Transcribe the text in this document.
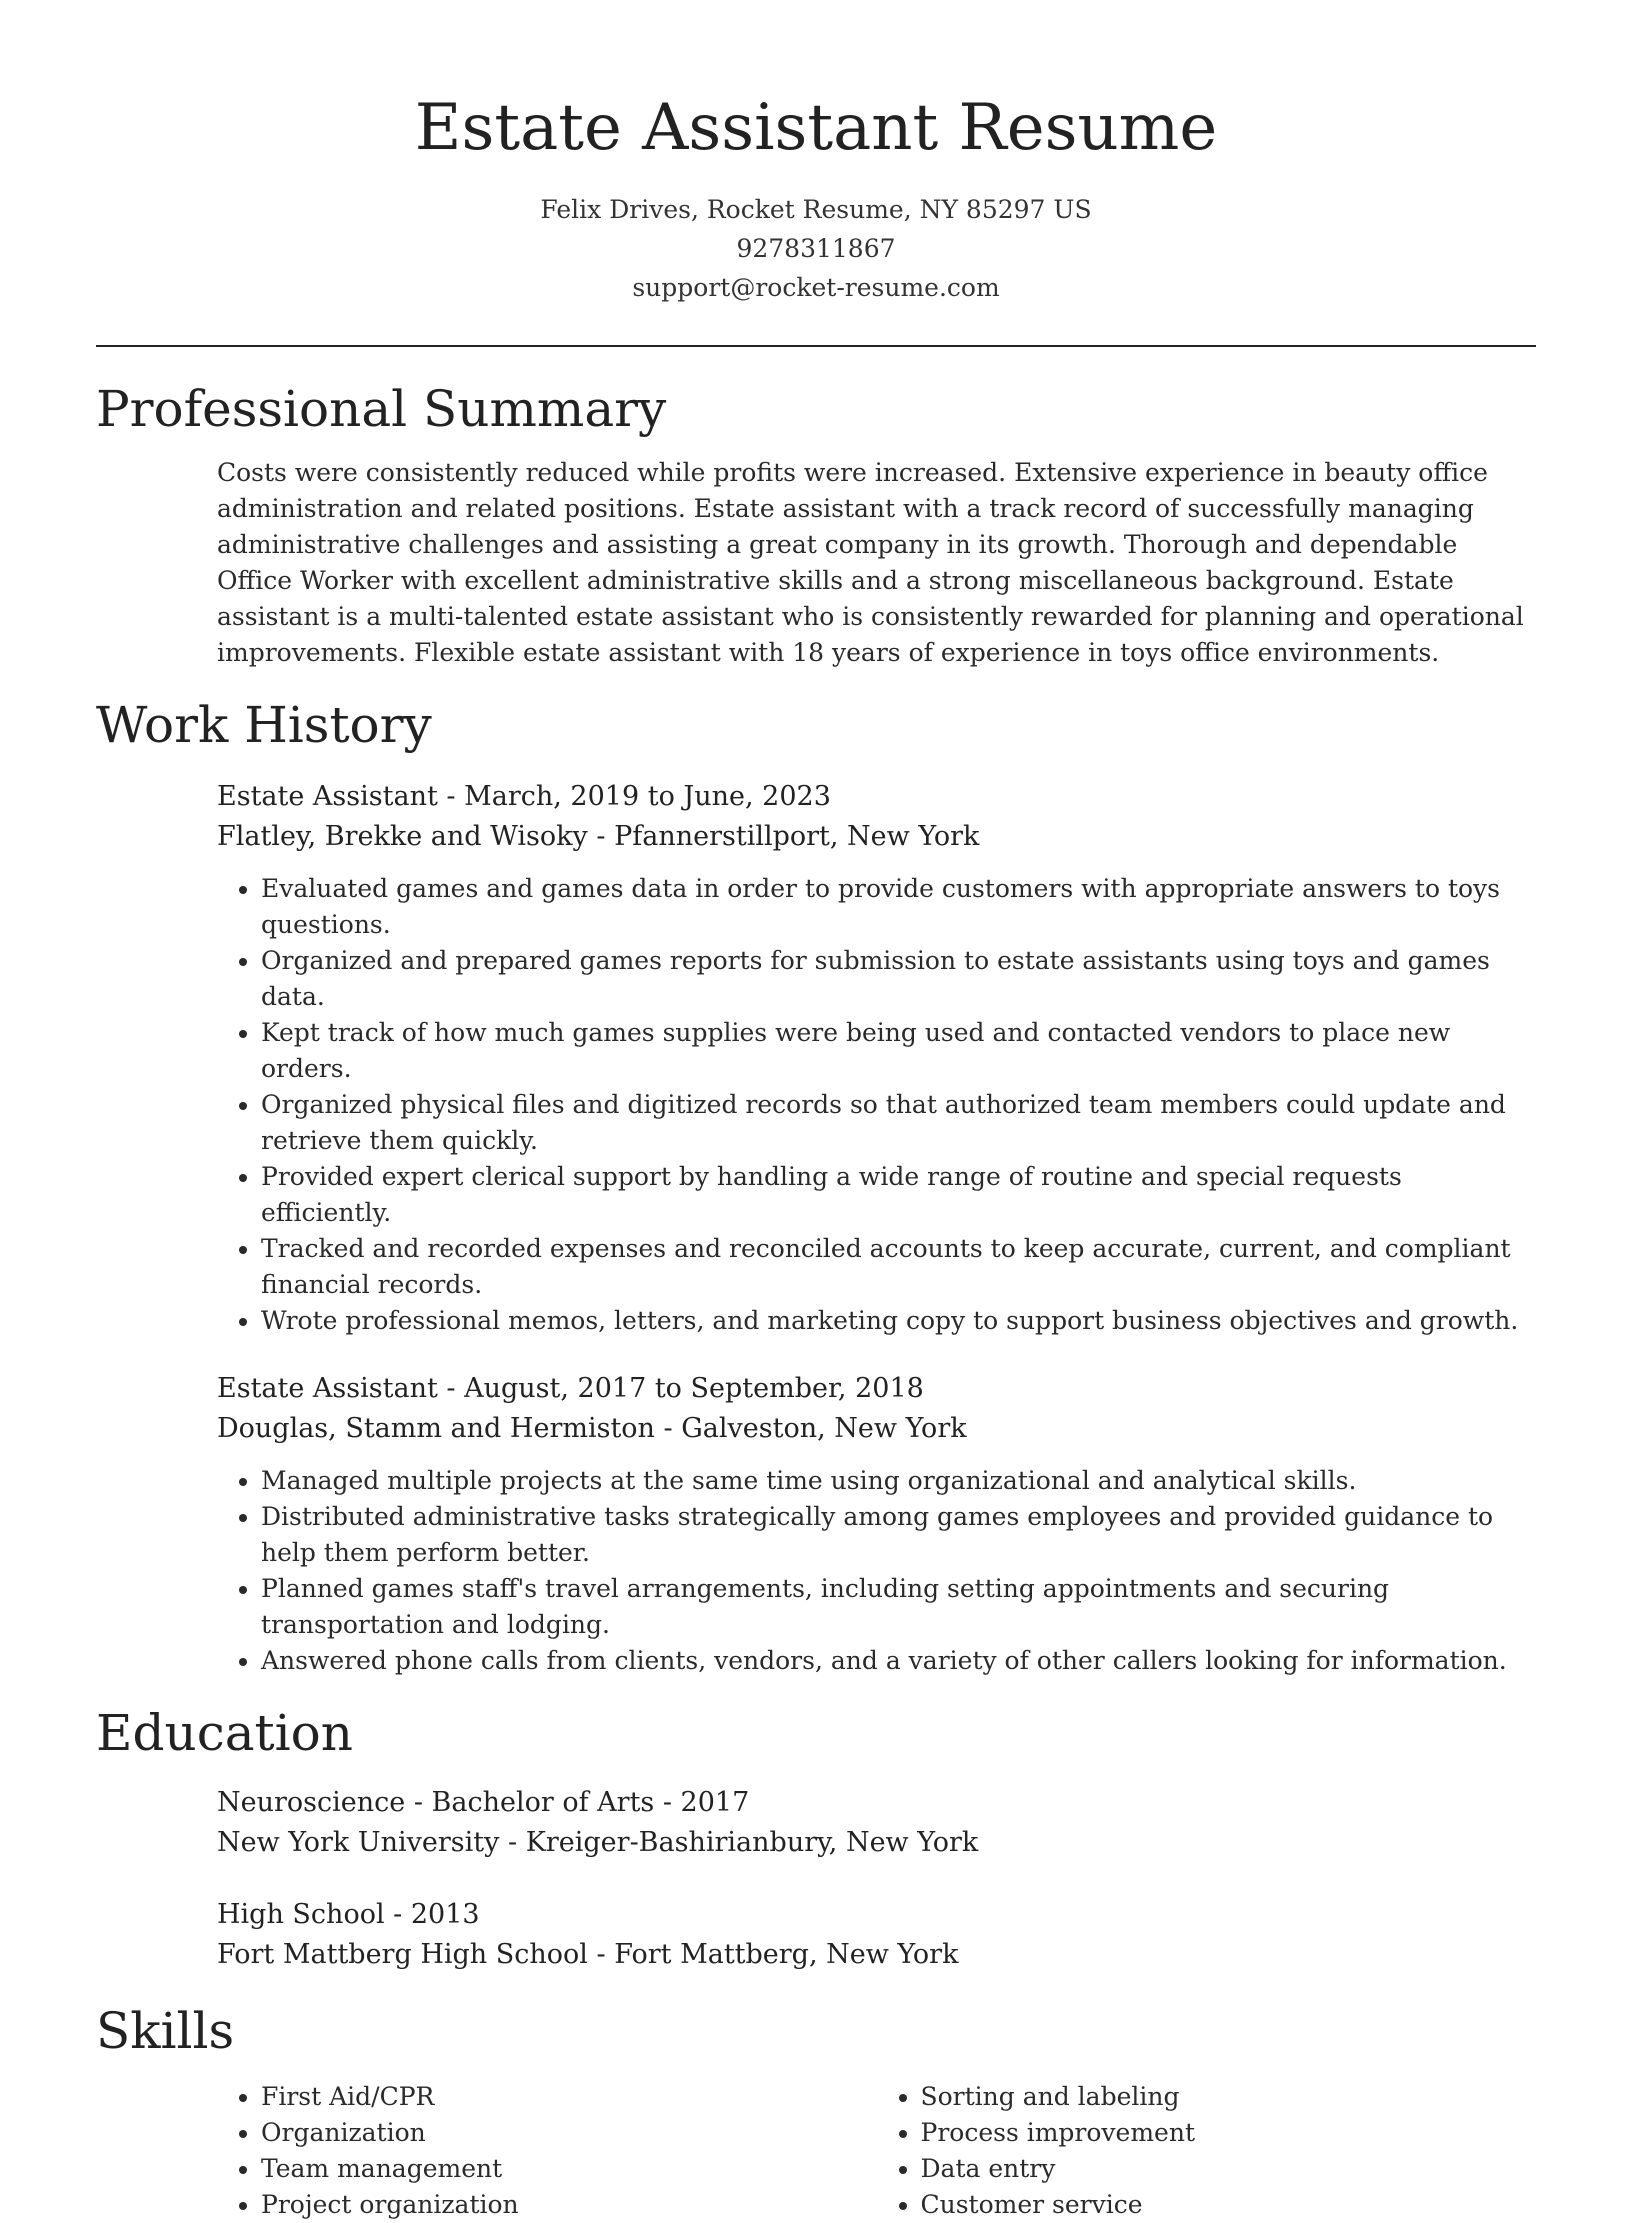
Estate Assistant Resume
Felix Drives, Rocket Resume, NY 85297 US
9278311867
support@rocket-resume.com
Professional Summary

Costs were consistently reduced while profits were increased. Extensive experience in beauty office administration and related positions. Estate assistant with a track record of successfully managing administrative challenges and assisting a great company in its growth. Thorough and dependable Office Worker with excellent administrative skills and a strong miscellaneous background. Estate assistant is a multi-talented estate assistant who is consistently rewarded for planning and operational improvements. Flexible estate assistant with 18 years of experience in toys office environments.

Work History
Estate Assistant - March, 2019 to June, 2023
Flatley, Brekke and Wisoky - Pfannerstillport, New York
• Evaluated games and games data in order to provide customers with appropriate answers to toys questions.
• Organized and prepared games reports for submission to estate assistants using toys and games data.
• Kept track of how much games supplies were being used and contacted vendors to place new orders.
• Organized physical files and digitized records so that authorized team members could update and retrieve them quickly.
• Provided expert clerical support by handling a wide range of routine and special requests efficiently.
• Tracked and recorded expenses and reconciled accounts to keep accurate, current, and compliant financial records.
• Wrote professional memos, letters, and marketing copy to support business objectives and growth.
Estate Assistant - August, 2017 to September, 2018
Douglas, Stamm and Hermiston - Galveston, New York
• Managed multiple projects at the same time using organizational and analytical skills.
• Distributed administrative tasks strategically among games employees and provided guidance to help them perform better.
• Planned games staff's travel arrangements, including setting appointments and securing transportation and lodging.
• Answered phone calls from clients, vendors, and a variety of other callers looking for information.
Education
Neuroscience - Bachelor of Arts - 2017
New York University - Kreiger-Bashirianbury, New York
High School - 2013
Fort Mattberg High School - Fort Mattberg, New York
Skills
• First Aid/CPR
• Organization
• Team management
• Project organization
• Sorting and labeling
• Process improvement
• Data entry
• Customer service
